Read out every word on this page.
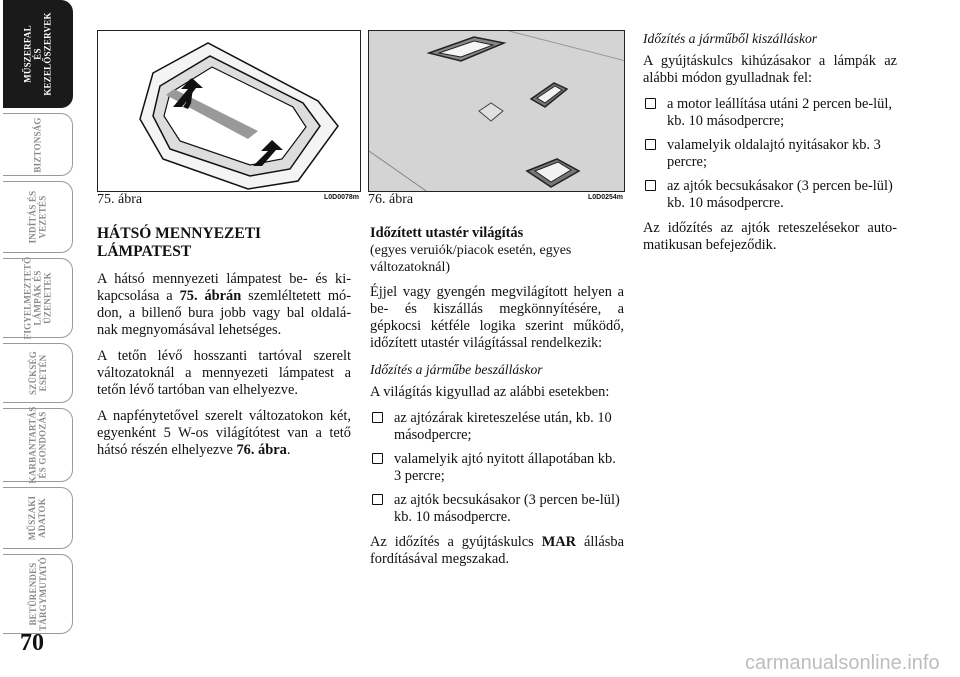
MŰSZERFAL
ÉS
KEZELŐSZERVEK
BIZTONSÁG
INDÍTÁS ÉS
VEZETÉS
FIGYELMEZTETŐ
LÁMPÁK ÉS
ÜZENETEK
SZÜKSÉG
ESETÉN
KARBANTARTÁS
ÉS GONDOZÁS
MŰSZAKI
ADATOK
BETŰRENDES
TÁRGYMUTATÓ
70
75. ábra	L0D0078m 76. ábra	L0D0254m
HÁTSÓ MENNYEZETI LÁMPATEST

A hátsó mennyezeti lámpatest be- és ki-kapcsolása a 75. ábrán szemléltetett mó-don, a billenő bura jobb vagy bal oldalá-nak megnyomásával lehetséges.

A tetőn lévő hosszanti tartóval szerelt változatoknál a mennyezeti lámpatest a tetőn lévő tartóban van elhelyezve.

A napfénytetővel szerelt változatokon két, egyenként 5 W-os világítótest van a tető hátsó részén elhelyezve 76. ábra.

Időzített utastér világítás

(egyes veruiók/piacok esetén, egyes változatoknál)

Éjjel vagy gyengén megvilágított helyen a be- és kiszállás megkönnyítésére, a gépkocsi kétféle logika szerint működő, időzített utastér világítással rendelkezik:

Időzítés a járműbe beszálláskor

A világítás kigyullad az alábbi esetekben:

az ajtózárak kireteszelése után, kb. 10 másodpercre;
valamelyik ajtó nyitott állapotában kb. 3 percre;
az ajtók becsukásakor (3 percen be-lül) kb. 10 másodpercre.

Az időzítés a gyújtáskulcs MAR állásba fordításával megszakad.

Időzítés a járműből kiszálláskor

A gyújtáskulcs kihúzásakor a lámpák az alábbi módon gyulladnak fel:

a motor leállítása utáni 2 percen be-lül, kb. 10 másodpercre;
valamelyik oldalajtó nyitásakor kb. 3 percre;
az ajtók becsukásakor (3 percen be-lül) kb. 10 másodpercre.

Az időzítés az ajtók reteszelésekor auto-matikusan befejeződik.

carmanualsonline.info
